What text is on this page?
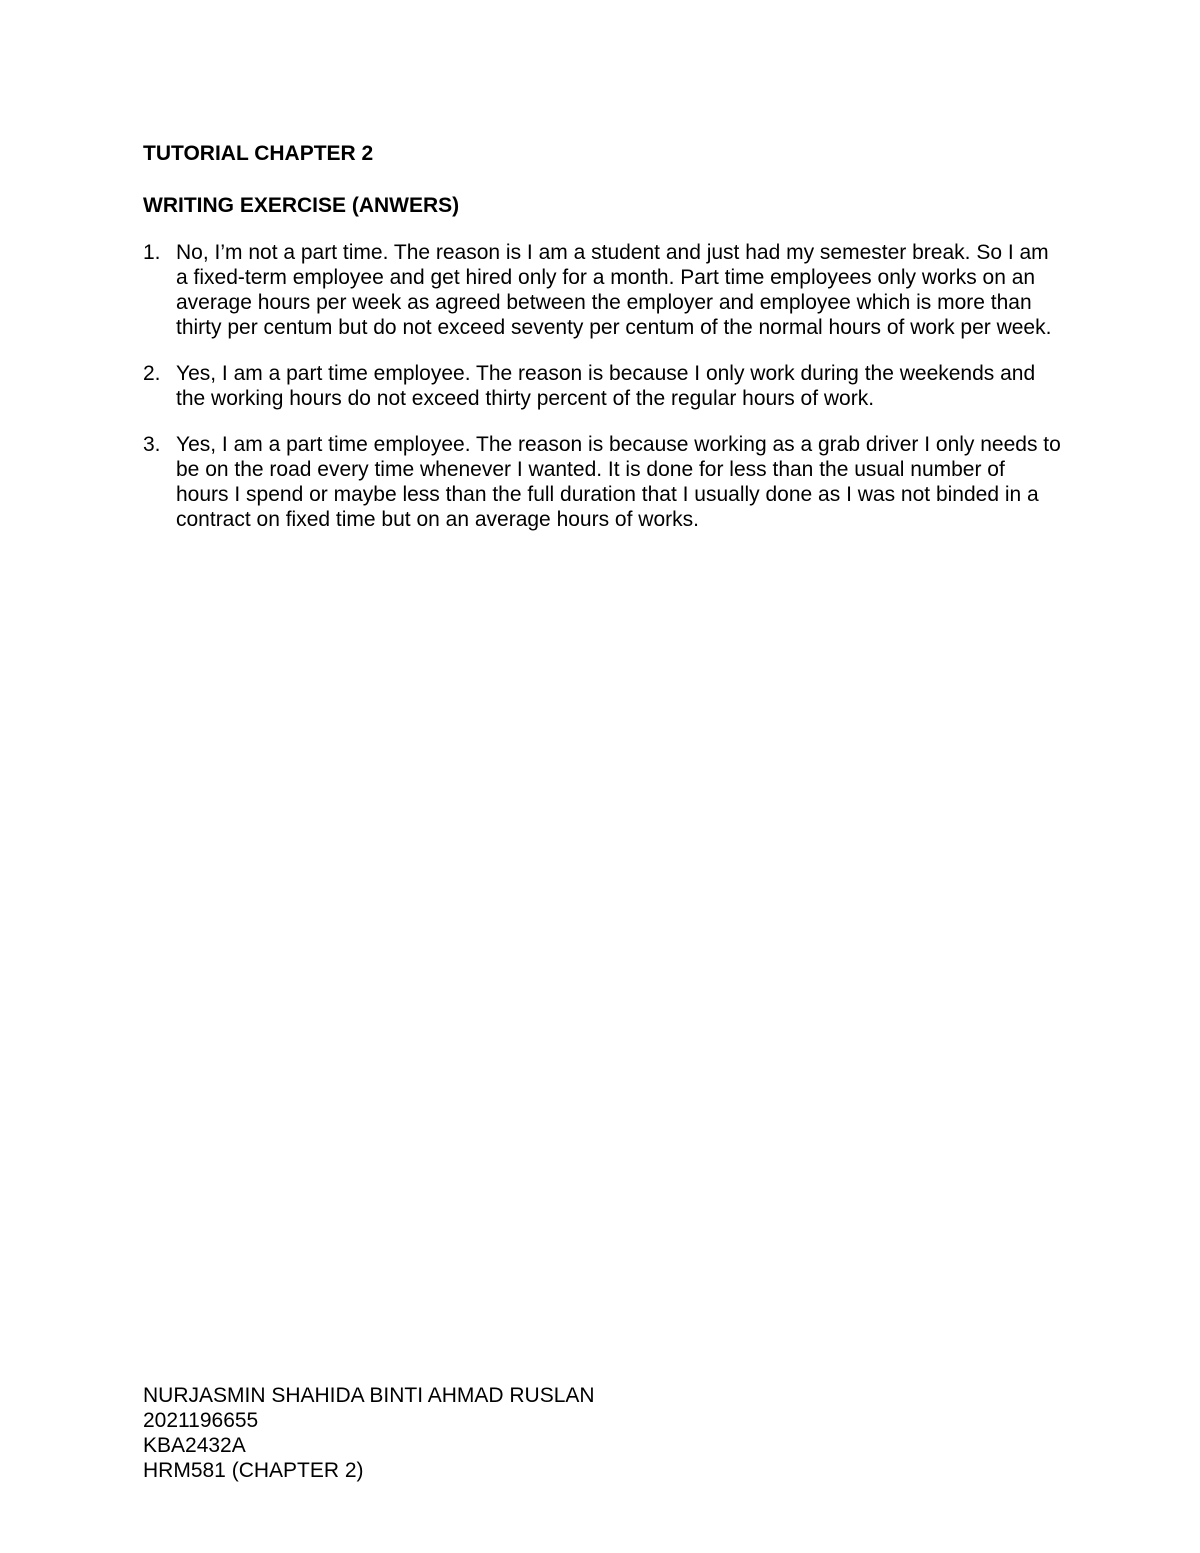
TUTORIAL CHAPTER 2
WRITING EXERCISE (ANWERS)
1. No, I’m not a part time. The reason is I am a student and just had my semester break. So I am a fixed-term employee and get hired only for a month. Part time employees only works on an average hours per week as agreed between the employer and employee which is more than thirty per centum but do not exceed seventy per centum of the normal hours of work per week.
2. Yes, I am a part time employee. The reason is because I only work during the weekends and the working hours do not exceed thirty percent of the regular hours of work.
3. Yes, I am a part time employee. The reason is because working as a grab driver I only needs to be on the road every time whenever I wanted. It is done for less than the usual number of hours I spend or maybe less than the full duration that I usually done as I was not binded in a contract on fixed time but on an average hours of works.
NURJASMIN SHAHIDA BINTI AHMAD RUSLAN
2021196655
KBA2432A
HRM581 (CHAPTER 2)
